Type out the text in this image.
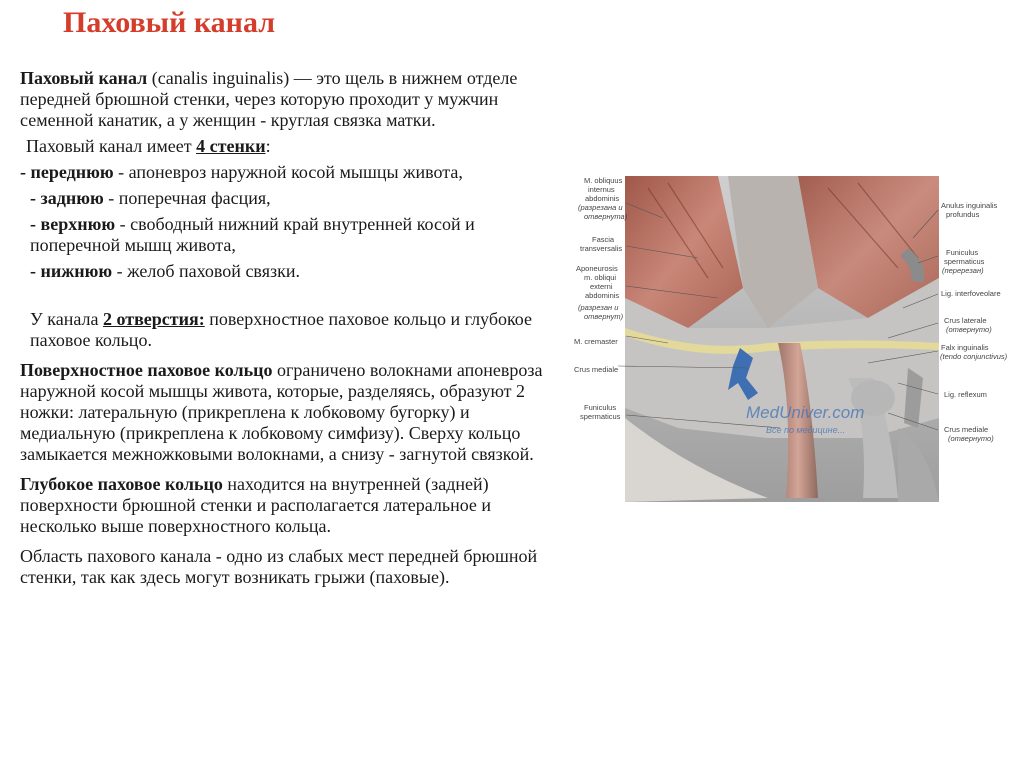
Паховый канал

Паховый канал (canalis inguinalis) — это щель в нижнем отделе передней брюшной стенки, через которую проходит у мужчин семенной канатик, а у женщин - круглая связка матки.

Паховый канал имеет 4 стенки:

- переднюю - апоневроз наружной косой мышцы живота,

- заднюю - поперечная фасция,

- верхнюю - свободный нижний край внутренней косой и поперечной мышц живота,

- нижнюю - желоб паховой связки.

У канала 2 отверстия: поверхностное паховое кольцо и глубокое паховое кольцо.

Поверхностное паховое кольцо ограничено волокнами апоневроза наружной косой мышцы живота, которые, разделяясь, образуют 2 ножки: латеральную (прикреплена к лобковому бугорку) и медиальную (прикреплена к лобковому симфизу). Сверху кольцо замыкается межножковыми волокнами, а снизу - загнутой связкой.

Глубокое паховое кольцо находится на внутренней (задней) поверхности брюшной стенки и располагается латеральное и несколько выше поверхностного кольца.

Область пахового канала - одно из слабых мест передней брюшной стенки, так как здесь могут возникать грыжи (паховые).

MedUniver.com
Все по медицине...
M. obliquus
internus
abdominis
(разрезана и
отвернута)
Fascia
transversalis
Aponeurosis
m. obliqui
externi
abdominis
(разрезан и
отвернут)
M. cremaster
Crus mediale
Funiculus
spermaticus
Anulus inguinalis
profundus
Funiculus
spermaticus
(перерезан)
Lig. interfoveolare
Crus laterale
(отвернуто)
Falx inguinalis
(tendo conjunctivus)
Lig. reflexum
Crus mediale
(отвернуто)
